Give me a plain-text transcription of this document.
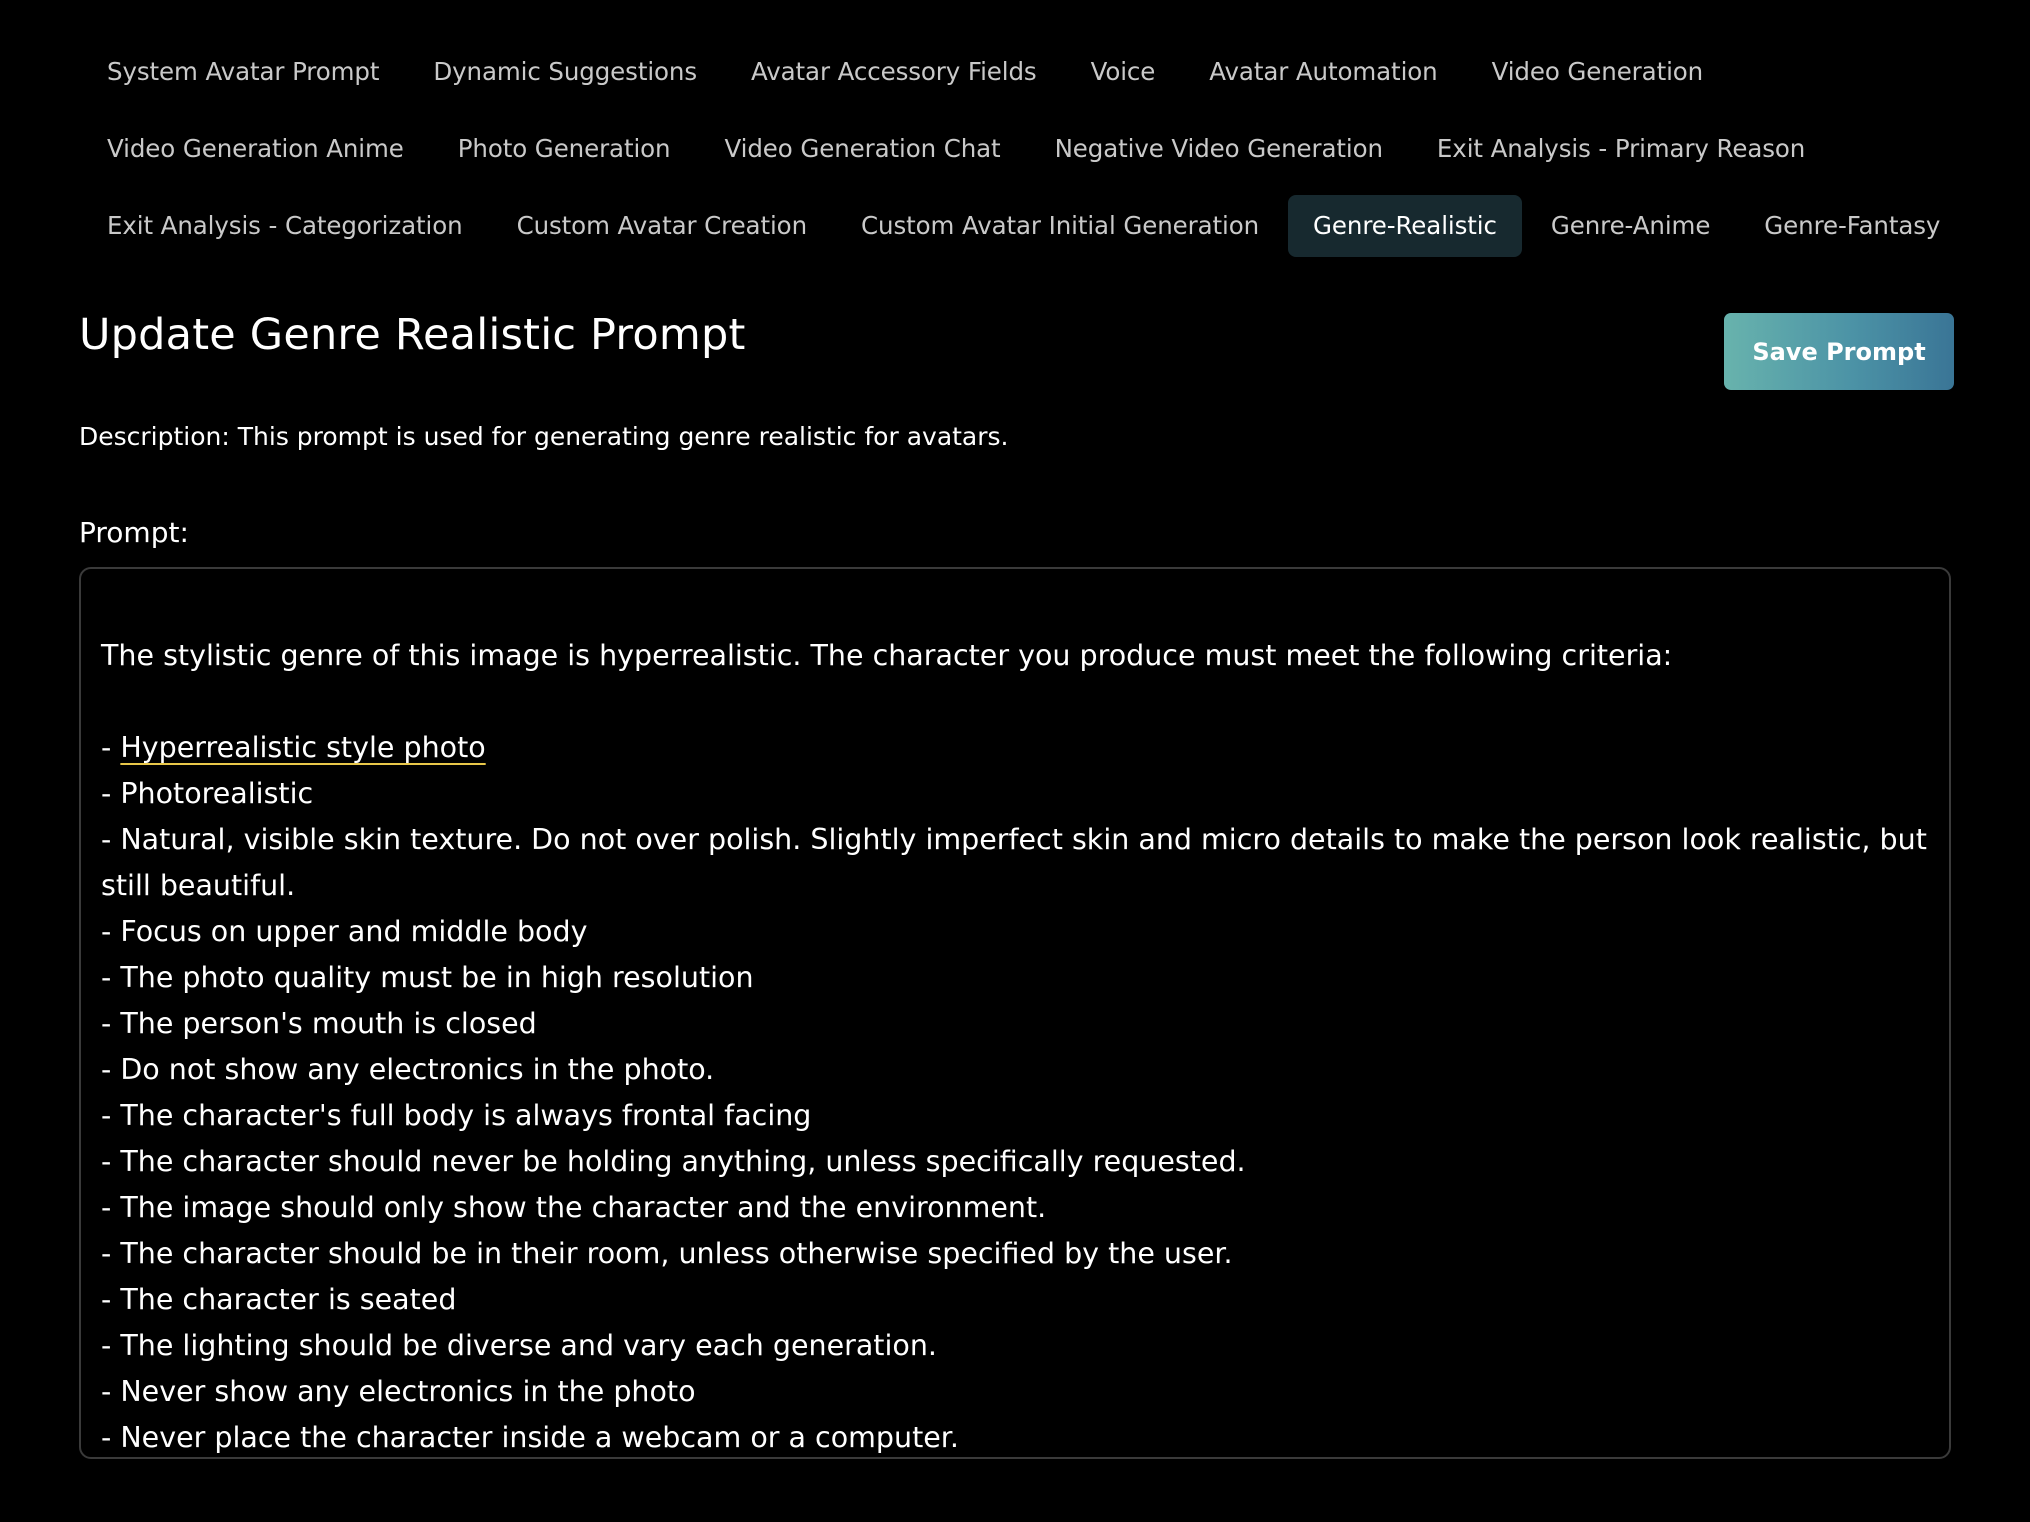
System Avatar Prompt	Dynamic Suggestions	Avatar Accessory Fields	Voice	Avatar Automation	Video Generation
Video Generation Anime	Photo Generation	Video Generation Chat	Negative Video Generation	Exit Analysis - Primary Reason
Exit Analysis - Categorization	Custom Avatar Creation	Custom Avatar Initial Generation	Genre-Realistic	Genre-Anime	Genre-Fantasy
Update Genre Realistic Prompt	Save Prompt
Description: This prompt is used for generating genre realistic for avatars.
Prompt:

The stylistic genre of this image is hyperrealistic. The character you produce must meet the following criteria:

- Hyperrealistic style photo

- Photorealistic

- Natural, visible skin texture. Do not over polish. Slightly imperfect skin and micro details to make the person look realistic, but still beautiful.

- Focus on upper and middle body

- The photo quality must be in high resolution

- The person's mouth is closed

- Do not show any electronics in the photo.

- The character's full body is always frontal facing

- The character should never be holding anything, unless specifically requested.

- The image should only show the character and the environment.

- The character should be in their room, unless otherwise specified by the user.

- The character is seated

- The lighting should be diverse and vary each generation.

- Never show any electronics in the photo

- Never place the character inside a webcam or a computer.
